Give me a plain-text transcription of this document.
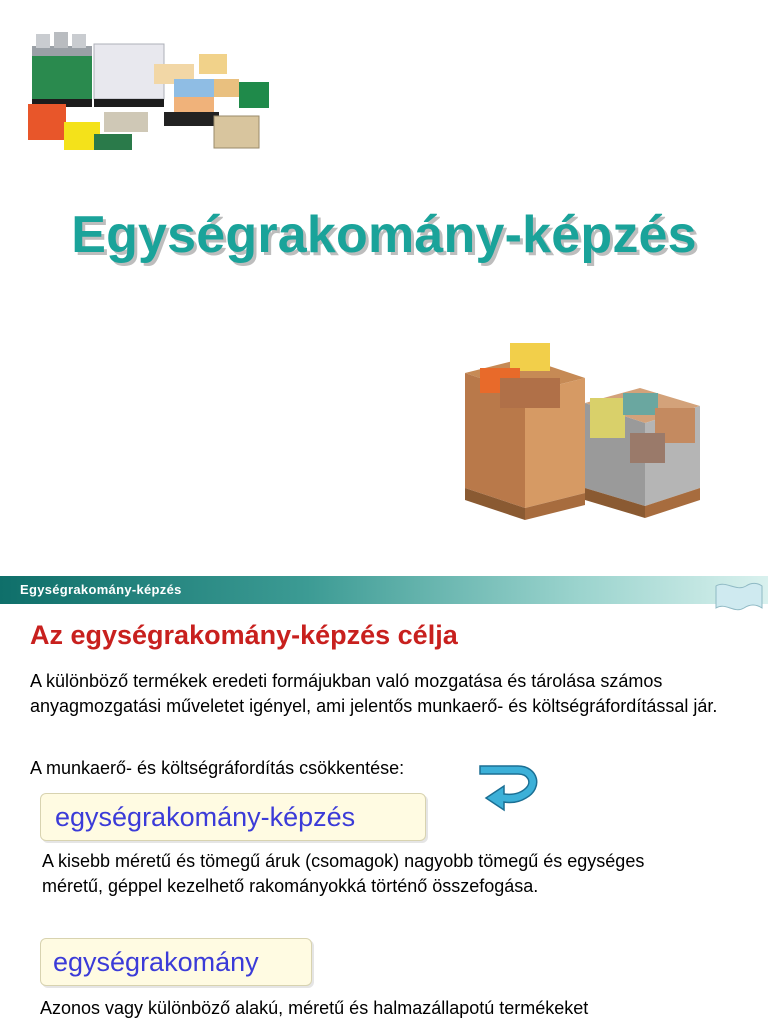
Egységrakomány-képzés
Egységrakomány-képzés
Az egységrakomány-képzés célja
A különböző termékek eredeti formájukban való mozgatása és tárolása számos anyagmozgatási műveletet igényel, ami jelentős munkaerő- és költségráfordítással jár.
A munkaerő- és költségráfordítás csökkentése:
egységrakomány-képzés
A kisebb méretű és tömegű áruk (csomagok) nagyobb tömegű és egységes méretű, géppel kezelhető rakományokká történő összefogása.
egységrakomány
Azonos vagy különböző alakú, méretű és halmazállapotú termékeket
